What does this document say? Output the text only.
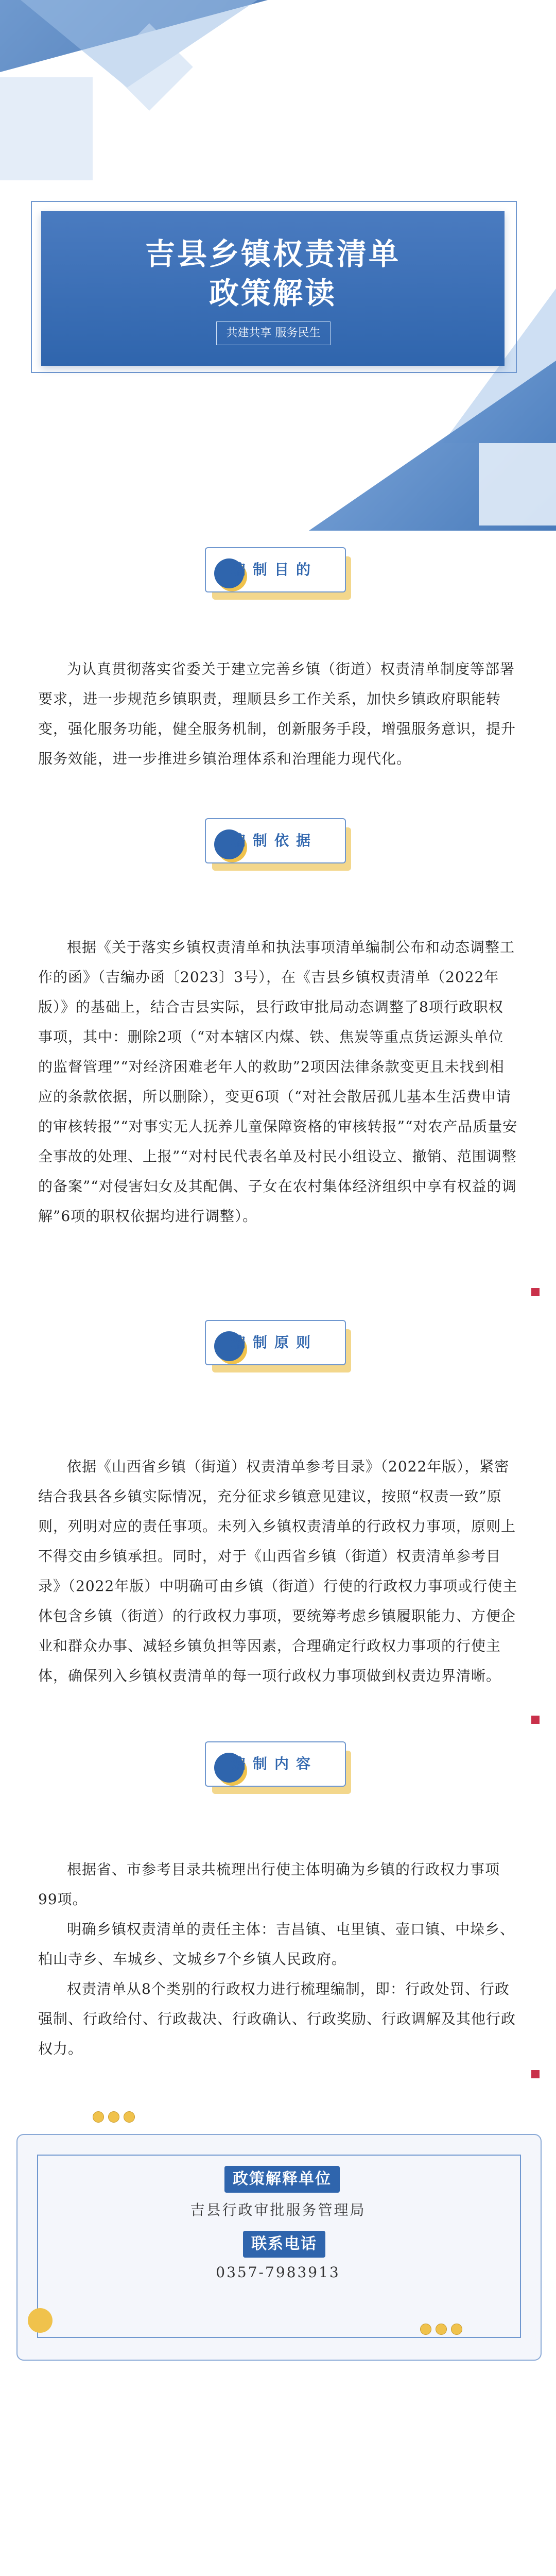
吉县乡镇权责清单
政策解读
共建共享 服务民生
编制目的

为认真贯彻落实省委关于建立完善乡镇（街道）权责清单制度等部署要求，进一步规范乡镇职责，理顺县乡工作关系，加快乡镇政府职能转变，强化服务功能，健全服务机制，创新服务手段，增强服务意识，提升服务效能，进一步推进乡镇治理体系和治理能力现代化。

编制依据

根据《关于落实乡镇权责清单和执法事项清单编制公布和动态调整工作的函》（吉编办函〔2023〕3号），在《吉县乡镇权责清单（2022年版）》的基础上，结合吉县实际，县行政审批局动态调整了8项行政职权事项，其中：删除2项（“对本辖区内煤、铁、焦炭等重点货运源头单位的监督管理”“对经济困难老年人的救助”2项因法律条款变更且未找到相应的条款依据，所以删除），变更6项（“对社会散居孤儿基本生活费申请的审核转报”“对事实无人抚养儿童保障资格的审核转报”“对农产品质量安全事故的处理、上报”“对村民代表名单及村民小组设立、撤销、范围调整的备案”“对侵害妇女及其配偶、子女在农村集体经济组织中享有权益的调解”6项的职权依据均进行调整）。

编制原则

依据《山西省乡镇（街道）权责清单参考目录》（2022年版），紧密结合我县各乡镇实际情况，充分征求乡镇意见建议，按照“权责一致”原则，列明对应的责任事项。未列入乡镇权责清单的行政权力事项，原则上不得交由乡镇承担。同时，对于《山西省乡镇（街道）权责清单参考目录》（2022年版）中明确可由乡镇（街道）行使的行政权力事项或行使主体包含乡镇（街道）的行政权力事项，要统筹考虑乡镇履职能力、方便企业和群众办事、减轻乡镇负担等因素，合理确定行政权力事项的行使主体，确保列入乡镇权责清单的每一项行政权力事项做到权责边界清晰。

编制内容

根据省、市参考目录共梳理出行使主体明确为乡镇的行政权力事项99项。

明确乡镇权责清单的责任主体：吉昌镇、屯里镇、壶口镇、中垛乡、柏山寺乡、车城乡、文城乡7个乡镇人民政府。

权责清单从8个类别的行政权力进行梳理编制，即：行政处罚、行政强制、行政给付、行政裁决、行政确认、行政奖励、行政调解及其他行政权力。

政策解释单位
吉县行政审批服务管理局
联系电话
0357-7983913
